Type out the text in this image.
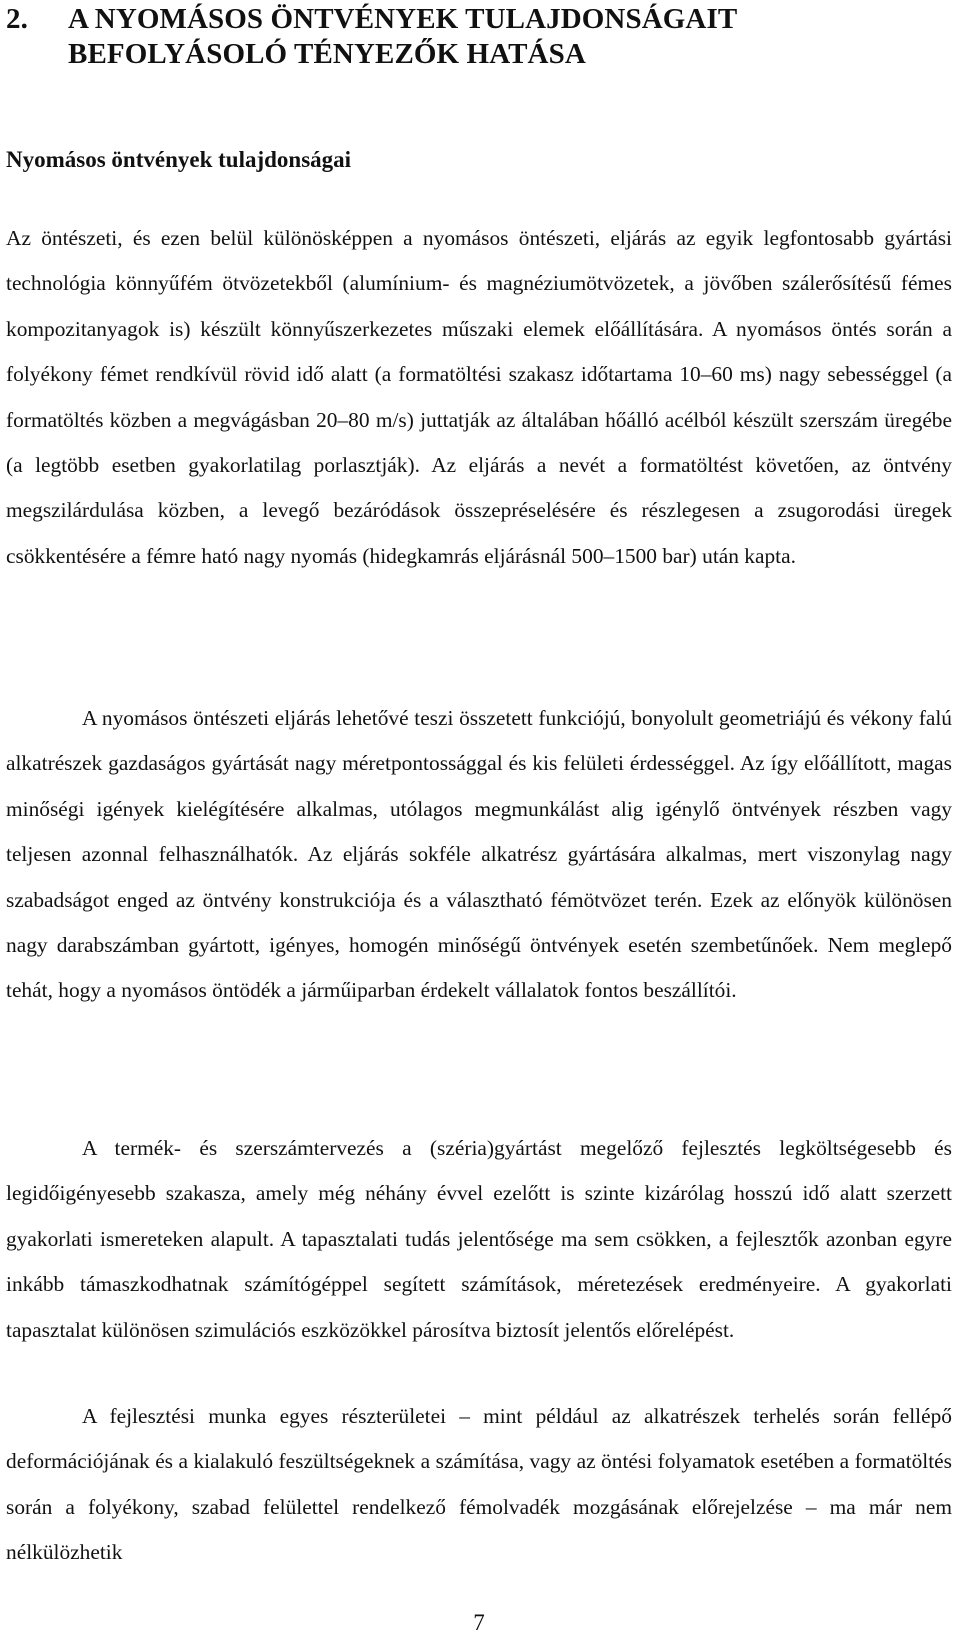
2.	A NYOMÁSOS ÖNTVÉNYEK TULAJDONSÁGAIT
BEFOLYÁSOLÓ TÉNYEZŐK HATÁSA
Nyomásos öntvények tulajdonságai

Az öntészeti, és ezen belül különösképpen a nyomásos öntészeti, eljárás az egyik legfontosabb gyártási technológia könnyűfém ötvözetekből (alumínium- és magnéziumötvözetek, a jövőben szálerősítésű fémes kompozitanyagok is) készült könnyűszerkezetes műszaki elemek előállítására. A nyomásos öntés során a folyékony fémet rendkívül rövid idő alatt (a formatöltési szakasz időtartama 10–60 ms) nagy sebességgel (a formatöltés közben a megvágásban 20–80 m/s) juttatják az általában hőálló acélból készült szerszám üregébe (a legtöbb esetben gyakorlatilag porlasztják). Az eljárás a nevét a formatöltést követően, az öntvény megszilárdulása közben, a levegő bezáródások összepréselésére és részlegesen a zsugorodási üregek csökkentésére a fémre ható nagy nyomás (hidegkamrás eljárásnál 500–1500 bar) után kapta.

A nyomásos öntészeti eljárás lehetővé teszi összetett funkciójú, bonyolult geometriájú és vékony falú alkatrészek gazdaságos gyártását nagy méretpontossággal és kis felületi érdességgel. Az így előállított, magas minőségi igények kielégítésére alkalmas, utólagos megmunkálást alig igénylő öntvények részben vagy teljesen azonnal felhasználhatók. Az eljárás sokféle alkatrész gyártására alkalmas, mert viszonylag nagy szabadságot enged az öntvény konstrukciója és a választható fémötvözet terén. Ezek az előnyök különösen nagy darabszámban gyártott, igényes, homogén minőségű öntvények esetén szembetűnőek. Nem meglepő tehát, hogy a nyomásos öntödék a járműiparban érdekelt vállalatok fontos beszállítói.

A termék- és szerszámtervezés a (széria)gyártást megelőző fejlesztés legköltségesebb és legidőigényesebb szakasza, amely még néhány évvel ezelőtt is szinte kizárólag hosszú idő alatt szerzett gyakorlati ismereteken alapult. A tapasztalati tudás jelentősége ma sem csökken, a fejlesztők azonban egyre inkább támaszkodhatnak számítógéppel segített számítások, méretezések eredményeire. A gyakorlati tapasztalat különösen szimulációs eszközökkel párosítva biztosít jelentős előrelépést.

A fejlesztési munka egyes részterületei – mint például az alkatrészek terhelés során fellépő deformációjának és a kialakuló feszültségeknek a számítása, vagy az öntési folyamatok esetében a formatöltés során a folyékony, szabad felülettel rendelkező fémolvadék mozgásának előrejelzése – ma már nem nélkülözhetik

7
